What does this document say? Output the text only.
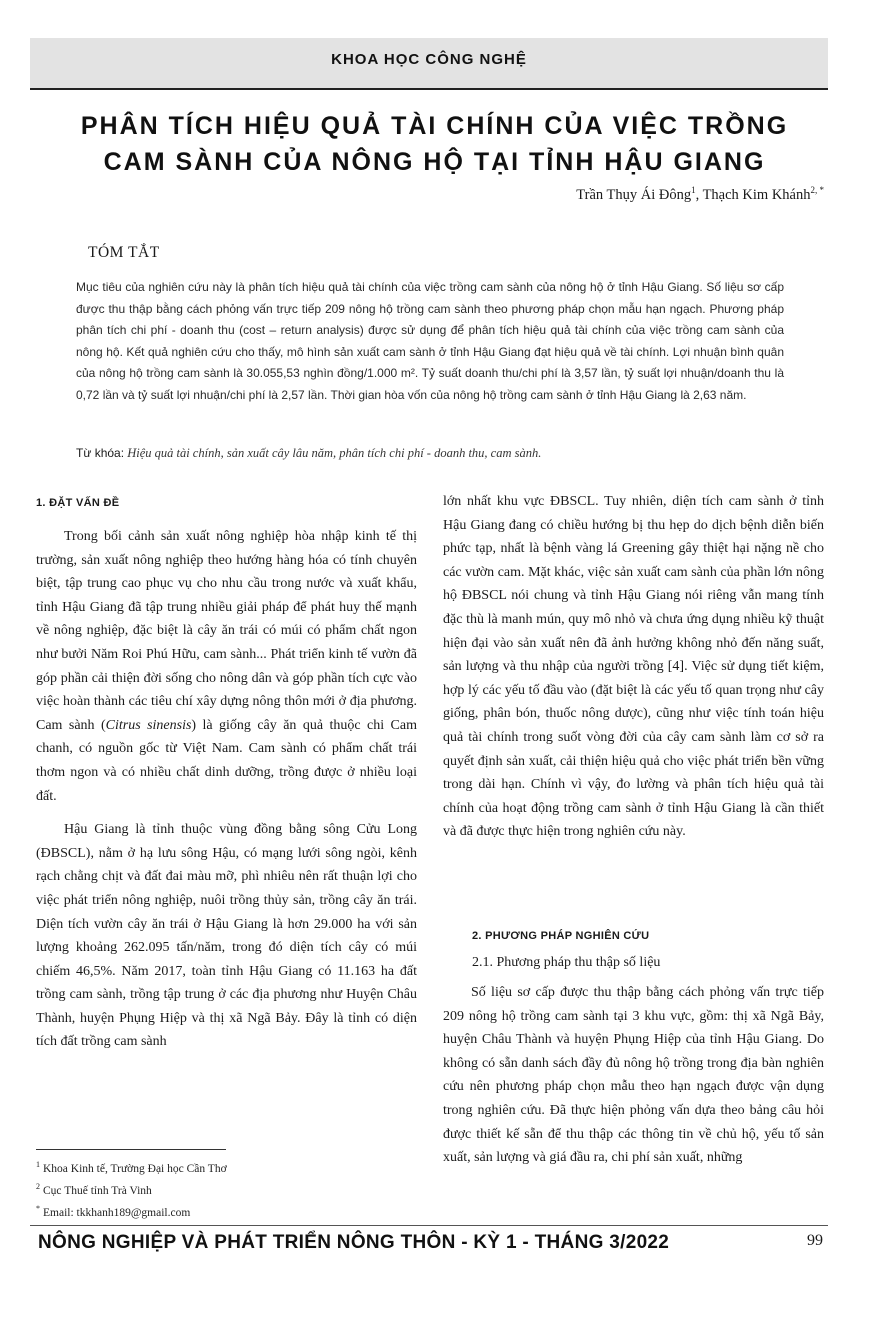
KHOA HỌC CÔNG NGHỆ
PHÂN TÍCH HIỆU QUẢ TÀI CHÍNH CỦA VIỆC TRỒNG
CAM SÀNH CỦA NÔNG HỘ TẠI TỈNH HẬU GIANG

Trần Thụy Ái Đông$^1$, Thạch Kim Khánh$^{2, *}$

TÓM TẮT

Mục tiêu của nghiên cứu này là phân tích hiệu quả tài chính của việc trồng cam sành của nông hộ ở tỉnh Hậu Giang. Số liệu sơ cấp được thu thập bằng cách phỏng vấn trực tiếp 209 nông hộ trồng cam sành theo phương pháp chọn mẫu hạn ngạch. Phương pháp phân tích chi phí - doanh thu (cost – return analysis) được sử dụng để phân tích hiệu quả tài chính của việc trồng cam sành của nông hộ. Kết quả nghiên cứu cho thấy, mô hình sản xuất cam sành ở tỉnh Hậu Giang đạt hiệu quả về tài chính. Lợi nhuận bình quân của nông hộ trồng cam sành là 30.055,53 nghìn đồng/1.000 m². Tỷ suất doanh thu/chi phí là 3,57 lần, tỷ suất lợi nhuận/doanh thu là 0,72 lần và tỷ suất lợi nhuận/chi phí là 2,57 lần. Thời gian hòa vốn của nông hộ trồng cam sành ở tỉnh Hậu Giang là 2,63 năm.

Từ khóa: Hiệu quả tài chính, sản xuất cây lâu năm, phân tích chi phí - doanh thu, cam sành.

1. ĐẶT VẤN ĐỀ

Trong bối cảnh sản xuất nông nghiệp hòa nhập kinh tế thị trường, sản xuất nông nghiệp theo hướng hàng hóa có tính chuyên biệt, tập trung cao phục vụ cho nhu cầu trong nước và xuất khẩu, tỉnh Hậu Giang đã tập trung nhiều giải pháp để phát huy thế mạnh về nông nghiệp, đặc biệt là cây ăn trái có múi có phẩm chất ngon như bưởi Năm Roi Phú Hữu, cam sành... Phát triển kinh tế vườn đã góp phần cải thiện đời sống cho nông dân và góp phần tích cực vào việc hoàn thành các tiêu chí xây dựng nông thôn mới ở địa phương. Cam sành (Citrus sinensis) là giống cây ăn quả thuộc chi Cam chanh, có nguồn gốc từ Việt Nam. Cam sành có phẩm chất trái thơm ngon và có nhiều chất dinh dưỡng, trồng được ở nhiều loại đất.

Hậu Giang là tỉnh thuộc vùng đồng bằng sông Cửu Long (ĐBSCL), nằm ở hạ lưu sông Hậu, có mạng lưới sông ngòi, kênh rạch chằng chịt và đất đai màu mỡ, phì nhiêu nên rất thuận lợi cho việc phát triển nông nghiệp, nuôi trồng thủy sản, trồng cây ăn trái. Diện tích vườn cây ăn trái ở Hậu Giang là hơn 29.000 ha với sản lượng khoảng 262.095 tấn/năm, trong đó diện tích cây có múi chiếm 46,5%. Năm 2017, toàn tỉnh Hậu Giang có 11.163 ha đất trồng cam sành, trồng tập trung ở các địa phương như Huyện Châu Thành, huyện Phụng Hiệp và thị xã Ngã Bảy. Đây là tỉnh có diện tích đất trồng cam sành

lớn nhất khu vực ĐBSCL. Tuy nhiên, diện tích cam sành ở tỉnh Hậu Giang đang có chiều hướng bị thu hẹp do dịch bệnh diễn biến phức tạp, nhất là bệnh vàng lá Greening gây thiệt hại nặng nề cho các vườn cam. Mặt khác, việc sản xuất cam sành của phần lớn nông hộ ĐBSCL nói chung và tỉnh Hậu Giang nói riêng vẫn mang tính đặc thù là manh mún, quy mô nhỏ và chưa ứng dụng nhiều kỹ thuật hiện đại vào sản xuất nên đã ảnh hưởng không nhỏ đến năng suất, sản lượng và thu nhập của người trồng [4]. Việc sử dụng tiết kiệm, hợp lý các yếu tố đầu vào (đặt biệt là các yếu tố quan trọng như cây giống, phân bón, thuốc nông dược), cũng như việc tính toán hiệu quả tài chính trong suốt vòng đời của cây cam sành làm cơ sở ra quyết định sản xuất, cải thiện hiệu quả cho việc phát triển bền vững trong dài hạn. Chính vì vậy, đo lường và phân tích hiệu quả tài chính của hoạt động trồng cam sành ở tỉnh Hậu Giang là cần thiết và đã được thực hiện trong nghiên cứu này.

2. PHƯƠNG PHÁP NGHIÊN CỨU

2.1. Phương pháp thu thập số liệu

Số liệu sơ cấp được thu thập bằng cách phỏng vấn trực tiếp 209 nông hộ trồng cam sành tại 3 khu vực, gồm: thị xã Ngã Bảy, huyện Châu Thành và huyện Phụng Hiệp của tỉnh Hậu Giang. Do không có sẵn danh sách đầy đủ nông hộ trồng trong địa bàn nghiên cứu nên phương pháp chọn mẫu theo hạn ngạch được vận dụng trong nghiên cứu. Đã thực hiện phỏng vấn dựa theo bảng câu hỏi được thiết kế sẵn để thu thập các thông tin về chủ hộ, yếu tố sản xuất, sản lượng và giá đầu ra, chi phí sản xuất, những

$^1$ Khoa Kinh tế, Trường Đại học Cần Thơ
$^2$ Cục Thuế tỉnh Trà Vinh
* Email: tkkhanh189@gmail.com

NÔNG NGHIỆP VÀ PHÁT TRIỂN NÔNG THÔN - KỲ 1 - THÁNG 3/2022	99
